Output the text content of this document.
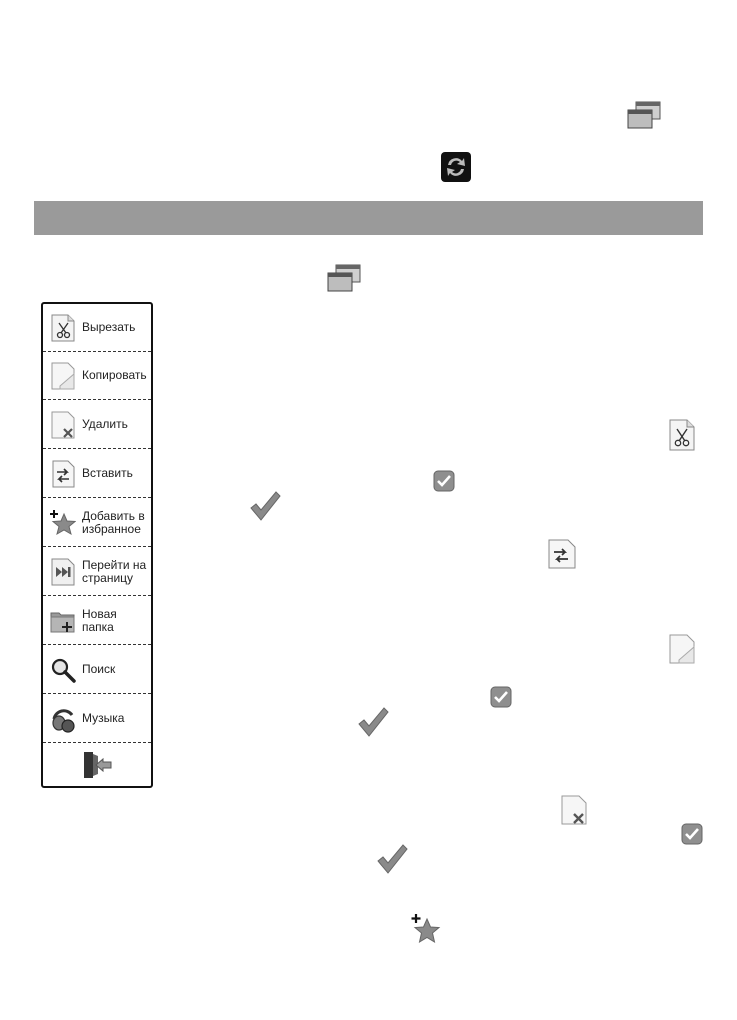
Вырезать
Копировать
Удалить
Вставить
Добавить в
избранное
Перейти на
страницу
Новая папка
Поиск
Музыка
